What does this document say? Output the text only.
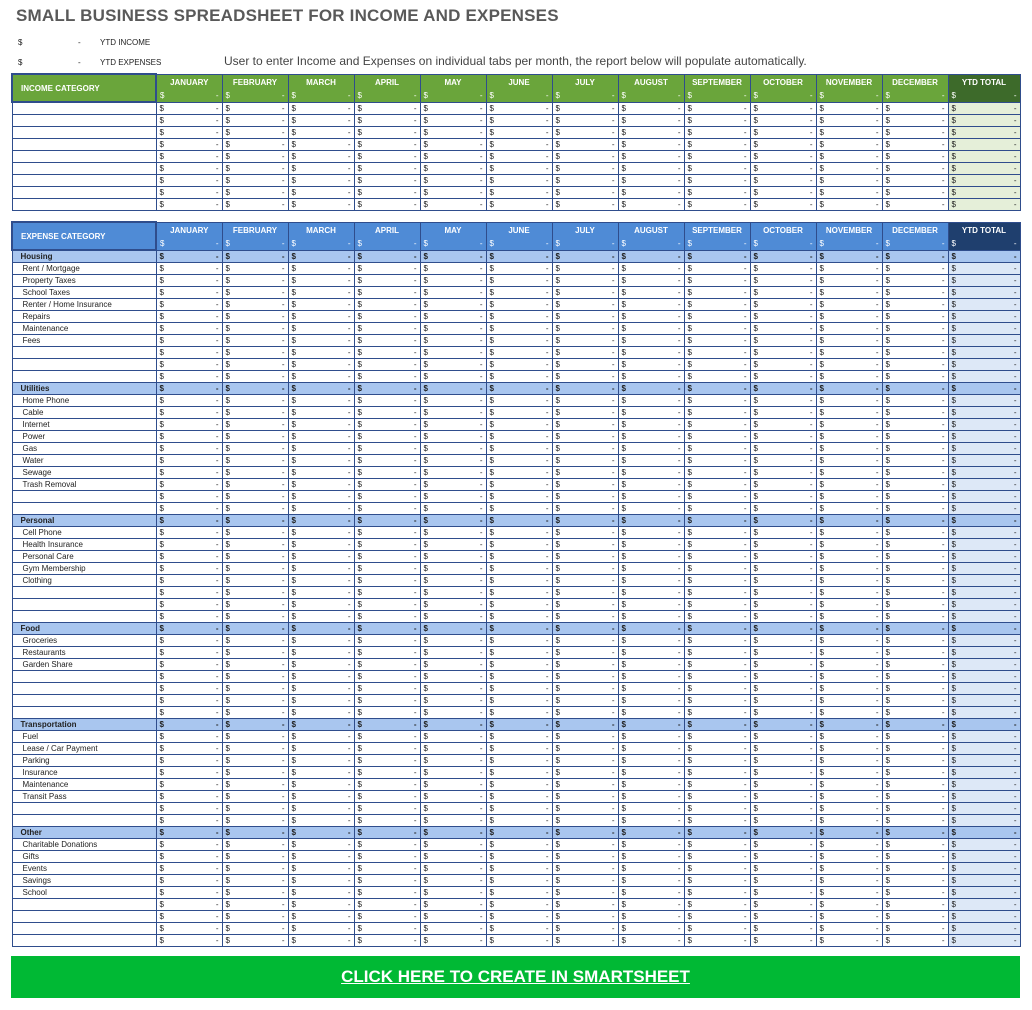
SMALL BUSINESS SPREADSHEET FOR INCOME AND EXPENSES
$	- YTD INCOME
$	- YTD EXPENSES	User to enter Income and Expenses on individual tabs per month, the report below will populate automatically.
INCOME CATEGORY	JANUARY	FEBRUARY	MARCH	APRIL	MAY	JUNE	JULY	AUGUST	SEPTEMBER	OCTOBER	NOVEMBER	DECEMBER	YTD TOTAL

	$ -	$ -	$ -	$ -	$ -	$ -	$ -	$ -	$ -	$ -	$ -	$ -	$ -

	$ -	$ -	$ -	$ -	$ -	$ -	$ -	$ -	$ -	$ -	$ -	$ -	$ -

	$ -	$ -	$ -	$ -	$ -	$ -	$ -	$ -	$ -	$ -	$ -	$ -	$ -

	$ -	$ -	$ -	$ -	$ -	$ -	$ -	$ -	$ -	$ -	$ -	$ -	$ -

	$ -	$ -	$ -	$ -	$ -	$ -	$ -	$ -	$ -	$ -	$ -	$ -	$ -

	$ -	$ -	$ -	$ -	$ -	$ -	$ -	$ -	$ -	$ -	$ -	$ -	$ -

	$ -	$ -	$ -	$ -	$ -	$ -	$ -	$ -	$ -	$ -	$ -	$ -	$ -

	$ -	$ -	$ -	$ -	$ -	$ -	$ -	$ -	$ -	$ -	$ -	$ -	$ -

	$ -	$ -	$ -	$ -	$ -	$ -	$ -	$ -	$ -	$ -	$ -	$ -	$ -

	$ -	$ -	$ -	$ -	$ -	$ -	$ -	$ -	$ -	$ -	$ -	$ -	$ -
EXPENSE CATEGORY	JANUARY	FEBRUARY	MARCH	APRIL	MAY	JUNE	JULY	AUGUST	SEPTEMBER	OCTOBER	NOVEMBER	DECEMBER	YTD TOTAL

	$ -	$ -	$ -	$ -	$ -	$ -	$ -	$ -	$ -	$ -	$ -	$ -	$ -

Housing	$ -	$ -	$ -	$ -	$ -	$ -	$ -	$ -	$ -	$ -	$ -	$ -	$ -

Rent / Mortgage	$ -	$ -	$ -	$ -	$ -	$ -	$ -	$ -	$ -	$ -	$ -	$ -	$ -

Property Taxes	$ -	$ -	$ -	$ -	$ -	$ -	$ -	$ -	$ -	$ -	$ -	$ -	$ -

School Taxes	$ -	$ -	$ -	$ -	$ -	$ -	$ -	$ -	$ -	$ -	$ -	$ -	$ -

Renter / Home Insurance	$ -	$ -	$ -	$ -	$ -	$ -	$ -	$ -	$ -	$ -	$ -	$ -	$ -

Repairs	$ -	$ -	$ -	$ -	$ -	$ -	$ -	$ -	$ -	$ -	$ -	$ -	$ -

Maintenance	$ -	$ -	$ -	$ -	$ -	$ -	$ -	$ -	$ -	$ -	$ -	$ -	$ -

Fees	$ -	$ -	$ -	$ -	$ -	$ -	$ -	$ -	$ -	$ -	$ -	$ -	$ -

	$ -	$ -	$ -	$ -	$ -	$ -	$ -	$ -	$ -	$ -	$ -	$ -	$ -

	$ -	$ -	$ -	$ -	$ -	$ -	$ -	$ -	$ -	$ -	$ -	$ -	$ -

	$ -	$ -	$ -	$ -	$ -	$ -	$ -	$ -	$ -	$ -	$ -	$ -	$ -

Utilities	$ -	$ -	$ -	$ -	$ -	$ -	$ -	$ -	$ -	$ -	$ -	$ -	$ -

Home Phone	$ -	$ -	$ -	$ -	$ -	$ -	$ -	$ -	$ -	$ -	$ -	$ -	$ -

Cable	$ -	$ -	$ -	$ -	$ -	$ -	$ -	$ -	$ -	$ -	$ -	$ -	$ -

Internet	$ -	$ -	$ -	$ -	$ -	$ -	$ -	$ -	$ -	$ -	$ -	$ -	$ -

Power	$ -	$ -	$ -	$ -	$ -	$ -	$ -	$ -	$ -	$ -	$ -	$ -	$ -

Gas	$ -	$ -	$ -	$ -	$ -	$ -	$ -	$ -	$ -	$ -	$ -	$ -	$ -

Water	$ -	$ -	$ -	$ -	$ -	$ -	$ -	$ -	$ -	$ -	$ -	$ -	$ -

Sewage	$ -	$ -	$ -	$ -	$ -	$ -	$ -	$ -	$ -	$ -	$ -	$ -	$ -

Trash Removal	$ -	$ -	$ -	$ -	$ -	$ -	$ -	$ -	$ -	$ -	$ -	$ -	$ -

	$ -	$ -	$ -	$ -	$ -	$ -	$ -	$ -	$ -	$ -	$ -	$ -	$ -

	$ -	$ -	$ -	$ -	$ -	$ -	$ -	$ -	$ -	$ -	$ -	$ -	$ -

Personal	$ -	$ -	$ -	$ -	$ -	$ -	$ -	$ -	$ -	$ -	$ -	$ -	$ -

Cell Phone	$ -	$ -	$ -	$ -	$ -	$ -	$ -	$ -	$ -	$ -	$ -	$ -	$ -

Health Insurance	$ -	$ -	$ -	$ -	$ -	$ -	$ -	$ -	$ -	$ -	$ -	$ -	$ -

Personal Care	$ -	$ -	$ -	$ -	$ -	$ -	$ -	$ -	$ -	$ -	$ -	$ -	$ -

Gym Membership	$ -	$ -	$ -	$ -	$ -	$ -	$ -	$ -	$ -	$ -	$ -	$ -	$ -

Clothing	$ -	$ -	$ -	$ -	$ -	$ -	$ -	$ -	$ -	$ -	$ -	$ -	$ -

	$ -	$ -	$ -	$ -	$ -	$ -	$ -	$ -	$ -	$ -	$ -	$ -	$ -

	$ -	$ -	$ -	$ -	$ -	$ -	$ -	$ -	$ -	$ -	$ -	$ -	$ -

	$ -	$ -	$ -	$ -	$ -	$ -	$ -	$ -	$ -	$ -	$ -	$ -	$ -

Food	$ -	$ -	$ -	$ -	$ -	$ -	$ -	$ -	$ -	$ -	$ -	$ -	$ -

Groceries	$ -	$ -	$ -	$ -	$ -	$ -	$ -	$ -	$ -	$ -	$ -	$ -	$ -

Restaurants	$ -	$ -	$ -	$ -	$ -	$ -	$ -	$ -	$ -	$ -	$ -	$ -	$ -

Garden Share	$ -	$ -	$ -	$ -	$ -	$ -	$ -	$ -	$ -	$ -	$ -	$ -	$ -

	$ -	$ -	$ -	$ -	$ -	$ -	$ -	$ -	$ -	$ -	$ -	$ -	$ -

	$ -	$ -	$ -	$ -	$ -	$ -	$ -	$ -	$ -	$ -	$ -	$ -	$ -

	$ -	$ -	$ -	$ -	$ -	$ -	$ -	$ -	$ -	$ -	$ -	$ -	$ -

	$ -	$ -	$ -	$ -	$ -	$ -	$ -	$ -	$ -	$ -	$ -	$ -	$ -

Transportation	$ -	$ -	$ -	$ -	$ -	$ -	$ -	$ -	$ -	$ -	$ -	$ -	$ -

Fuel	$ -	$ -	$ -	$ -	$ -	$ -	$ -	$ -	$ -	$ -	$ -	$ -	$ -

Lease / Car Payment	$ -	$ -	$ -	$ -	$ -	$ -	$ -	$ -	$ -	$ -	$ -	$ -	$ -

Parking	$ -	$ -	$ -	$ -	$ -	$ -	$ -	$ -	$ -	$ -	$ -	$ -	$ -

Insurance	$ -	$ -	$ -	$ -	$ -	$ -	$ -	$ -	$ -	$ -	$ -	$ -	$ -

Maintenance	$ -	$ -	$ -	$ -	$ -	$ -	$ -	$ -	$ -	$ -	$ -	$ -	$ -

Transit Pass	$ -	$ -	$ -	$ -	$ -	$ -	$ -	$ -	$ -	$ -	$ -	$ -	$ -

	$ -	$ -	$ -	$ -	$ -	$ -	$ -	$ -	$ -	$ -	$ -	$ -	$ -

	$ -	$ -	$ -	$ -	$ -	$ -	$ -	$ -	$ -	$ -	$ -	$ -	$ -

Other	$ -	$ -	$ -	$ -	$ -	$ -	$ -	$ -	$ -	$ -	$ -	$ -	$ -

Charitable Donations	$ -	$ -	$ -	$ -	$ -	$ -	$ -	$ -	$ -	$ -	$ -	$ -	$ -

Gifts	$ -	$ -	$ -	$ -	$ -	$ -	$ -	$ -	$ -	$ -	$ -	$ -	$ -

Events	$ -	$ -	$ -	$ -	$ -	$ -	$ -	$ -	$ -	$ -	$ -	$ -	$ -

Savings	$ -	$ -	$ -	$ -	$ -	$ -	$ -	$ -	$ -	$ -	$ -	$ -	$ -

School	$ -	$ -	$ -	$ -	$ -	$ -	$ -	$ -	$ -	$ -	$ -	$ -	$ -

	$ -	$ -	$ -	$ -	$ -	$ -	$ -	$ -	$ -	$ -	$ -	$ -	$ -

	$ -	$ -	$ -	$ -	$ -	$ -	$ -	$ -	$ -	$ -	$ -	$ -	$ -

	$ -	$ -	$ -	$ -	$ -	$ -	$ -	$ -	$ -	$ -	$ -	$ -	$ -

	$ -	$ -	$ -	$ -	$ -	$ -	$ -	$ -	$ -	$ -	$ -	$ -	$ -
CLICK HERE TO CREATE IN SMARTSHEET
